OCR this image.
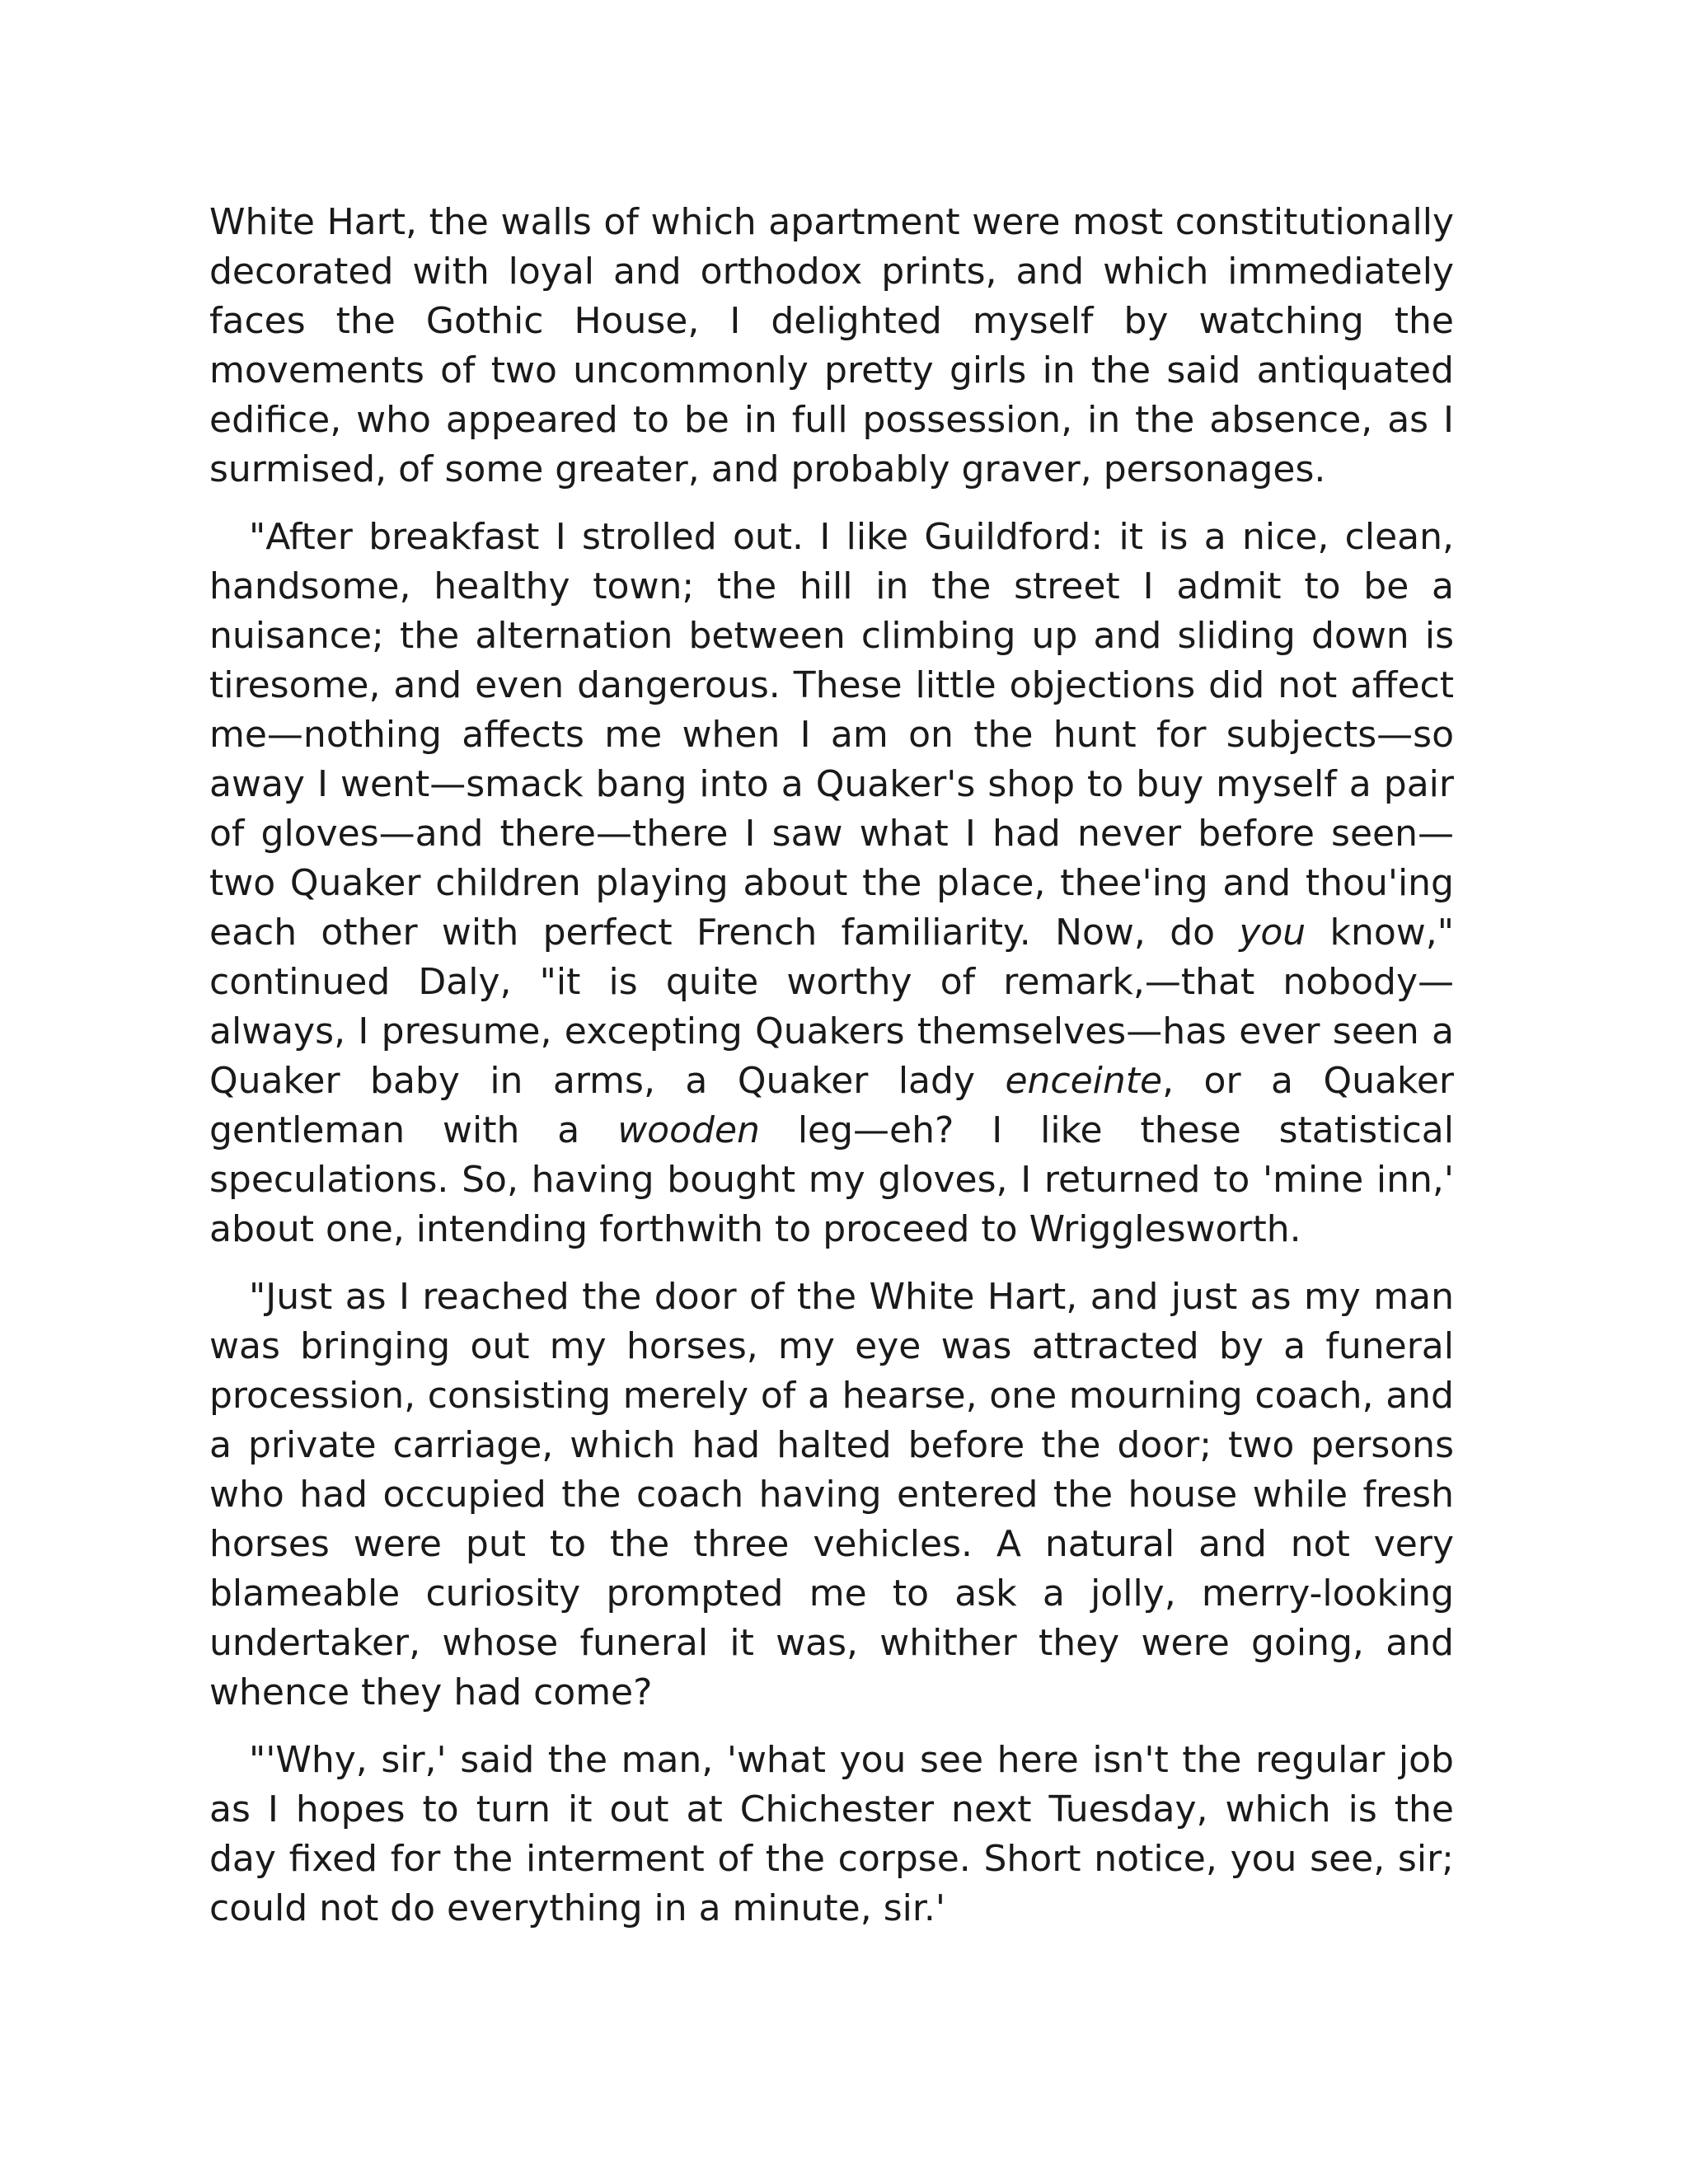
White Hart, the walls of which apartment were most constitutionally decorated with loyal and orthodox prints, and which immediately faces the Gothic House, I delighted myself by watching the movements of two uncommonly pretty girls in the said antiquated edifice, who appeared to be in full possession, in the absence, as I surmised, of some greater, and probably graver, personages.

"After breakfast I strolled out. I like Guildford: it is a nice, clean, handsome, healthy town; the hill in the street I admit to be a nuisance; the alternation between climbing up and sliding down is tiresome, and even dangerous. These little objections did not affect me—nothing affects me when I am on the hunt for subjects—so away I went—smack bang into a Quaker's shop to buy myself a pair of gloves—and there—there I saw what I had never before seen—two Quaker children playing about the place, thee'ing and thou'ing each other with perfect French familiarity. Now, do you know," continued Daly, "it is quite worthy of remark,—that nobody—always, I presume, excepting Quakers themselves—has ever seen a Quaker baby in arms, a Quaker lady enceinte, or a Quaker gentleman with a wooden leg—eh? I like these statistical speculations. So, having bought my gloves, I returned to 'mine inn,' about one, intending forthwith to proceed to Wrigglesworth.

"Just as I reached the door of the White Hart, and just as my man was bringing out my horses, my eye was attracted by a funeral procession, consisting merely of a hearse, one mourning coach, and a private carriage, which had halted before the door; two persons who had occupied the coach having entered the house while fresh horses were put to the three vehicles. A natural and not very blameable curiosity prompted me to ask a jolly, merry-looking undertaker, whose funeral it was, whither they were going, and whence they had come?

"'Why, sir,' said the man, 'what you see here isn't the regular job as I hopes to turn it out at Chichester next Tuesday, which is the day fixed for the interment of the corpse. Short notice, you see, sir; could not do everything in a minute, sir.'
